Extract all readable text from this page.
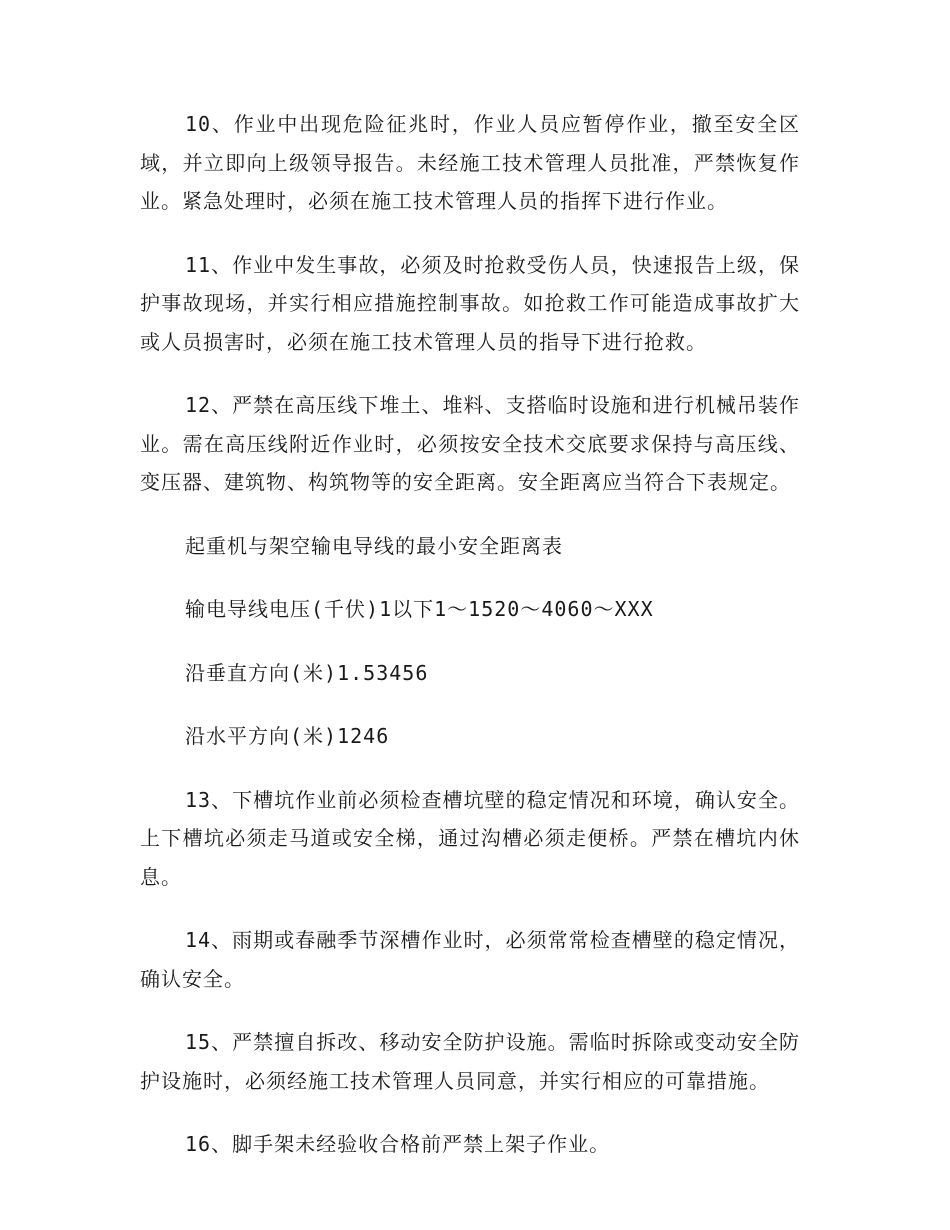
10、作业中出现危险征兆时，作业人员应暂停作业，撤至安全区域，并立即向上级领导报告。未经施工技术管理人员批准，严禁恢复作业。紧急处理时，必须在施工技术管理人员的指挥下进行作业。

11、作业中发生事故，必须及时抢救受伤人员，快速报告上级，保护事故现场，并实行相应措施控制事故。如抢救工作可能造成事故扩大或人员损害时，必须在施工技术管理人员的指导下进行抢救。

12、严禁在高压线下堆土、堆料、支搭临时设施和进行机械吊装作业。需在高压线附近作业时，必须按安全技术交底要求保持与高压线、变压器、建筑物、构筑物等的安全距离。安全距离应当符合下表规定。

起重机与架空输电导线的最小安全距离表

输电导线电压(千伏)1以下1～1520～4060～XXX

沿垂直方向(米)1.53456

沿水平方向(米)1246

13、下槽坑作业前必须检查槽坑壁的稳定情况和环境，确认安全。上下槽坑必须走马道或安全梯，通过沟槽必须走便桥。严禁在槽坑内休息。

14、雨期或春融季节深槽作业时，必须常常检查槽壁的稳定情况，确认安全。

15、严禁擅自拆改、移动安全防护设施。需临时拆除或变动安全防护设施时，必须经施工技术管理人员同意，并实行相应的可靠措施。

16、脚手架未经验收合格前严禁上架子作业。
